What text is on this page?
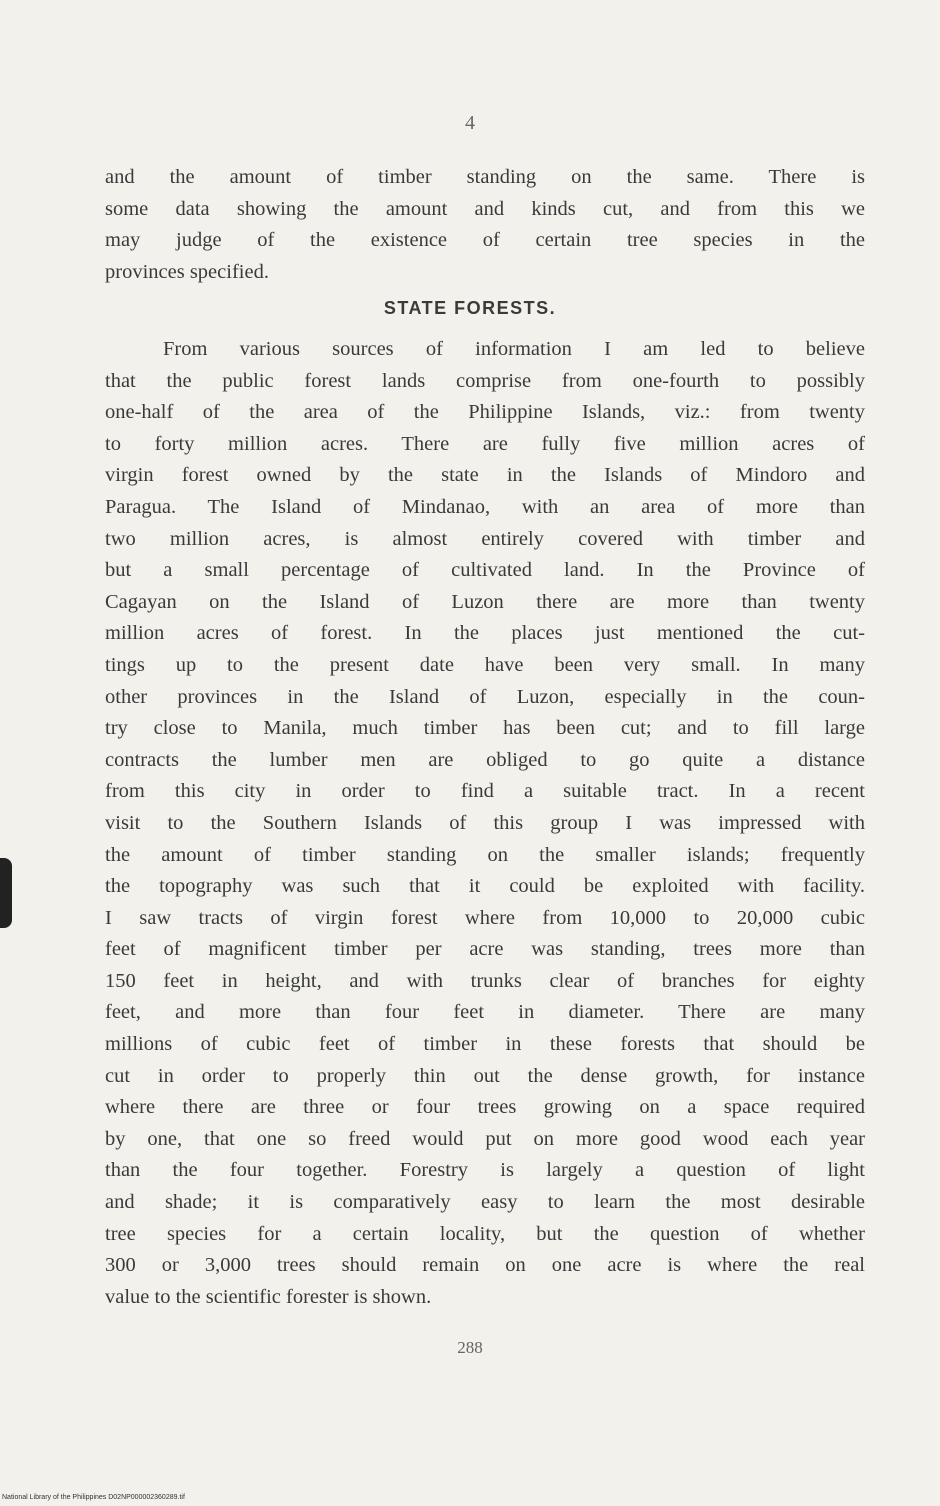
4
and the amount of timber standing on the same. There is
some data showing the amount and kinds cut, and from this we
may judge of the existence of certain tree species in the
provinces specified.
STATE FORESTS.
From various sources of information I am led to believe
that the public forest lands comprise from one-fourth to possibly
one-half of the area of the Philippine Islands, viz.: from twenty
to forty million acres. There are fully five million acres of
virgin forest owned by the state in the Islands of Mindoro and
Paragua. The Island of Mindanao, with an area of more than
two million acres, is almost entirely covered with timber and
but a small percentage of cultivated land. In the Province of
Cagayan on the Island of Luzon there are more than twenty
million acres of forest. In the places just mentioned the cut-
tings up to the present date have been very small. In many
other provinces in the Island of Luzon, especially in the coun-
try close to Manila, much timber has been cut; and to fill large
contracts the lumber men are obliged to go quite a distance
from this city in order to find a suitable tract. In a recent
visit to the Southern Islands of this group I was impressed with
the amount of timber standing on the smaller islands; frequently
the topography was such that it could be exploited with facility.
I saw tracts of virgin forest where from 10,000 to 20,000 cubic
feet of magnificent timber per acre was standing, trees more than
150 feet in height, and with trunks clear of branches for eighty
feet, and more than four feet in diameter. There are many
millions of cubic feet of timber in these forests that should be
cut in order to properly thin out the dense growth, for instance
where there are three or four trees growing on a space required
by one, that one so freed would put on more good wood each year
than the four together. Forestry is largely a question of light
and shade; it is comparatively easy to learn the most desirable
tree species for a certain locality, but the question of whether
300 or 3,000 trees should remain on one acre is where the real
value to the scientific forester is shown.
288
National Library of the Philippines D02NP000002360289.tif
